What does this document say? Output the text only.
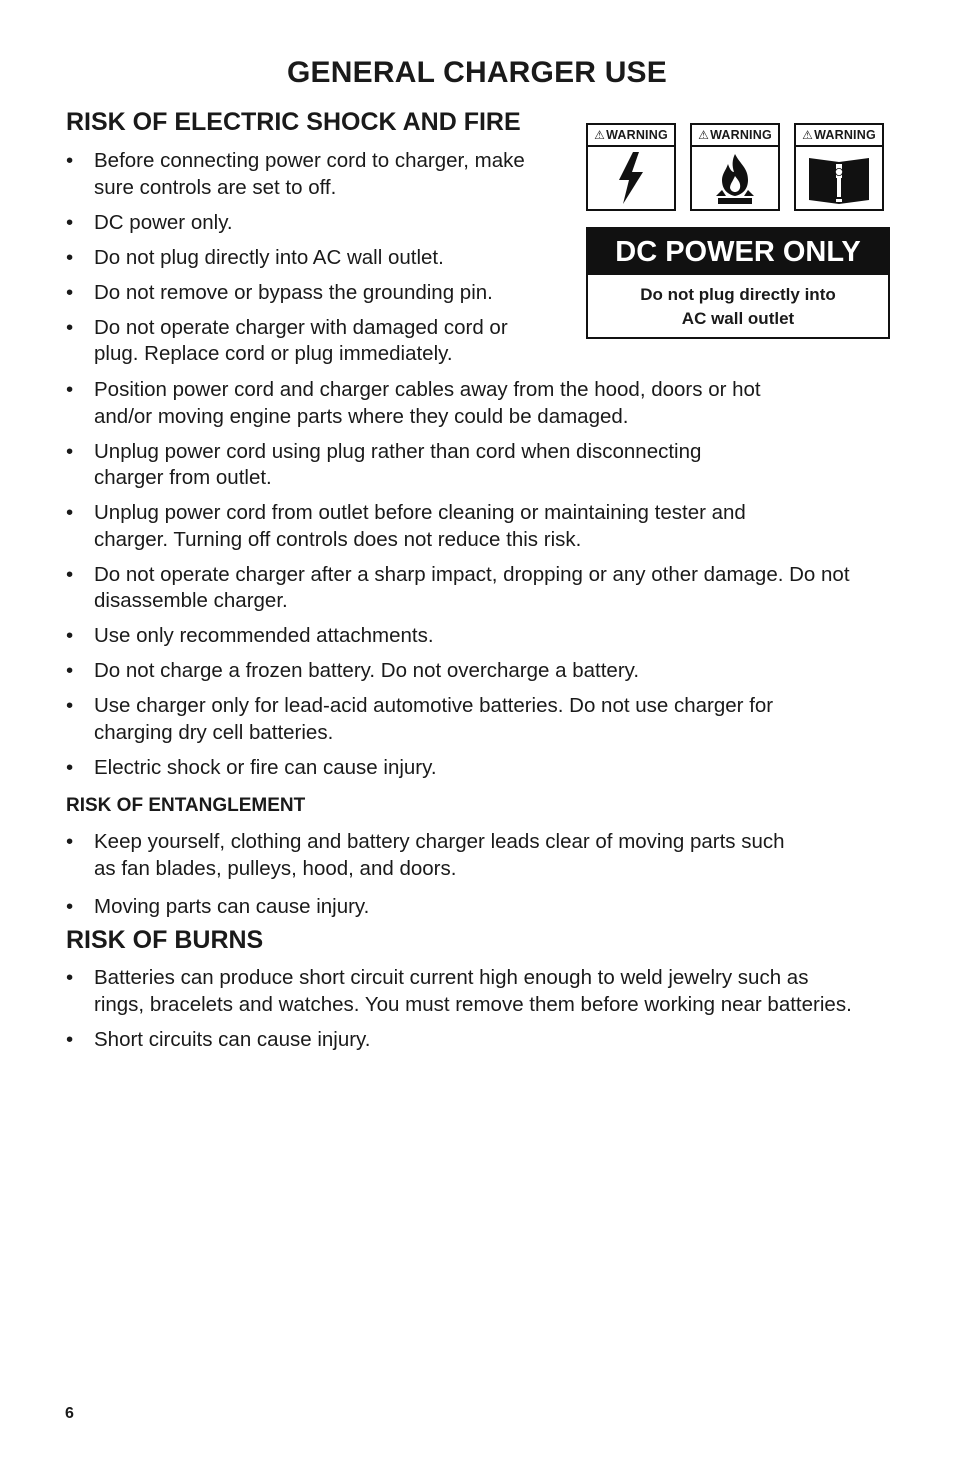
GENERAL CHARGER USE
RISK OF ELECTRIC SHOCK AND FIRE
• Before connecting power cord to charger, make sure controls are set to off.
• DC power only.
• Do not plug directly into AC wall outlet.
• Do not remove or bypass the grounding pin.
• Do not operate charger with damaged cord or plug. Replace cord or plug immediately.
• Position power cord and charger cables away from the hood, doors or hot and/or moving engine parts where they could be damaged.
• Unplug power cord using plug rather than cord when disconnecting charger from outlet.
• Unplug power cord from outlet before cleaning or maintaining tester and charger. Turning off controls does not reduce this risk.
• Do not operate charger after a sharp impact, dropping or any other damage. Do not disassemble charger.
• Use only recommended attachments.
• Do not charge a frozen battery. Do not overcharge a battery.
• Use charger only for lead-acid automotive batteries. Do not use charger for charging dry cell batteries.
• Electric shock or fire can cause injury.
RISK OF ENTANGLEMENT
• Keep yourself, clothing and battery charger leads clear of moving parts such as fan blades, pulleys, hood, and doors.
• Moving parts can cause injury.
RISK OF BURNS
• Batteries can produce short circuit current high enough to weld jewelry such as rings, bracelets and watches. You must remove them before working near batteries.
• Short circuits can cause injury.
⚠ WARNING	⚠ WARNING	⚠ WARNING
DC POWER ONLY
Do not plug directly into
AC wall outlet
6
